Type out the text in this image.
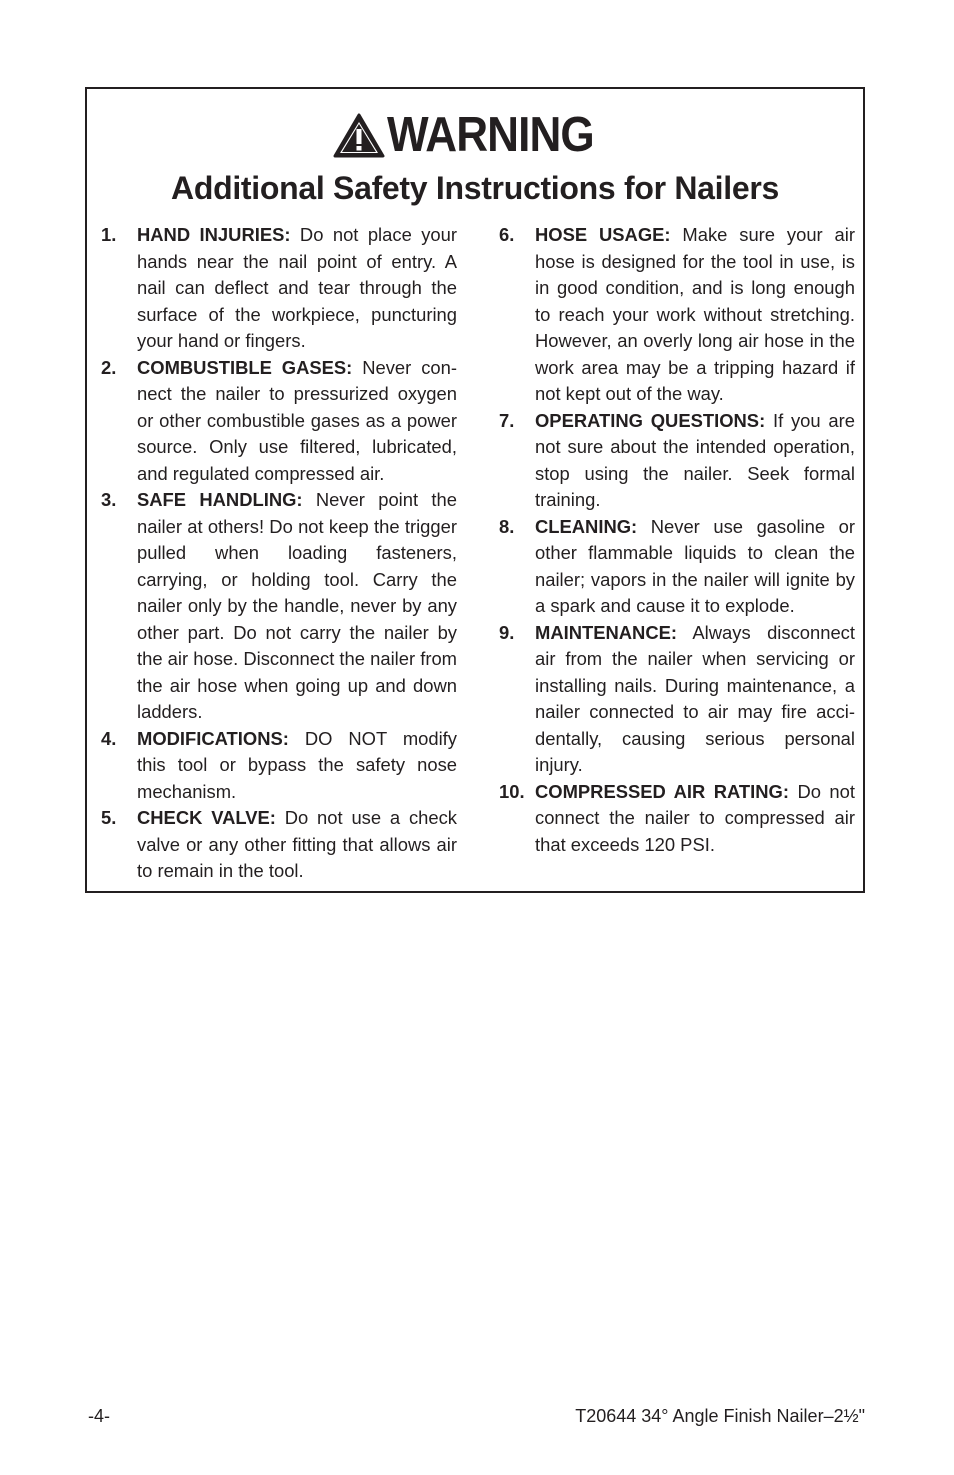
WARNING
Additional Safety Instructions for Nailers

1. HAND INJURIES: Do not place your hands near the nail point of entry. A nail can deflect and tear through the surface of the workpiece, puncturing your hand or fingers.

2. COMBUSTIBLE GASES: Never connect the nailer to pressurized oxygen or other combustible gases as a power source. Only use filtered, lubricated, and regulated compressed air.

3. SAFE HANDLING: Never point the nailer at others! Do not keep the trigger pulled when loading fasteners, carrying, or holding tool. Carry the nailer only by the handle, never by any other part. Do not carry the nailer by the air hose. Disconnect the nailer from the air hose when going up and down ladders.

4. MODIFICATIONS: DO NOT modify this tool or bypass the safety nose mechanism.

5. CHECK VALVE: Do not use a check valve or any other fitting that allows air to remain in the tool.

6. HOSE USAGE: Make sure your air hose is designed for the tool in use, is in good condition, and is long enough to reach your work without stretching. However, an overly long air hose in the work area may be a tripping hazard if not kept out of the way.

7. OPERATING QUESTIONS: If you are not sure about the intended operation, stop using the nailer. Seek formal training.

8. CLEANING: Never use gasoline or other flammable liquids to clean the nailer; vapors in the nailer will ignite by a spark and cause it to explode.

9. MAINTENANCE: Always disconnect air from the nailer when servicing or installing nails. During maintenance, a nailer connected to air may fire accidentally, causing serious personal injury.

10. COMPRESSED AIR RATING: Do not connect the nailer to compressed air that exceeds 120 PSI.

-4-	T20644 34° Angle Finish Nailer–2½"
